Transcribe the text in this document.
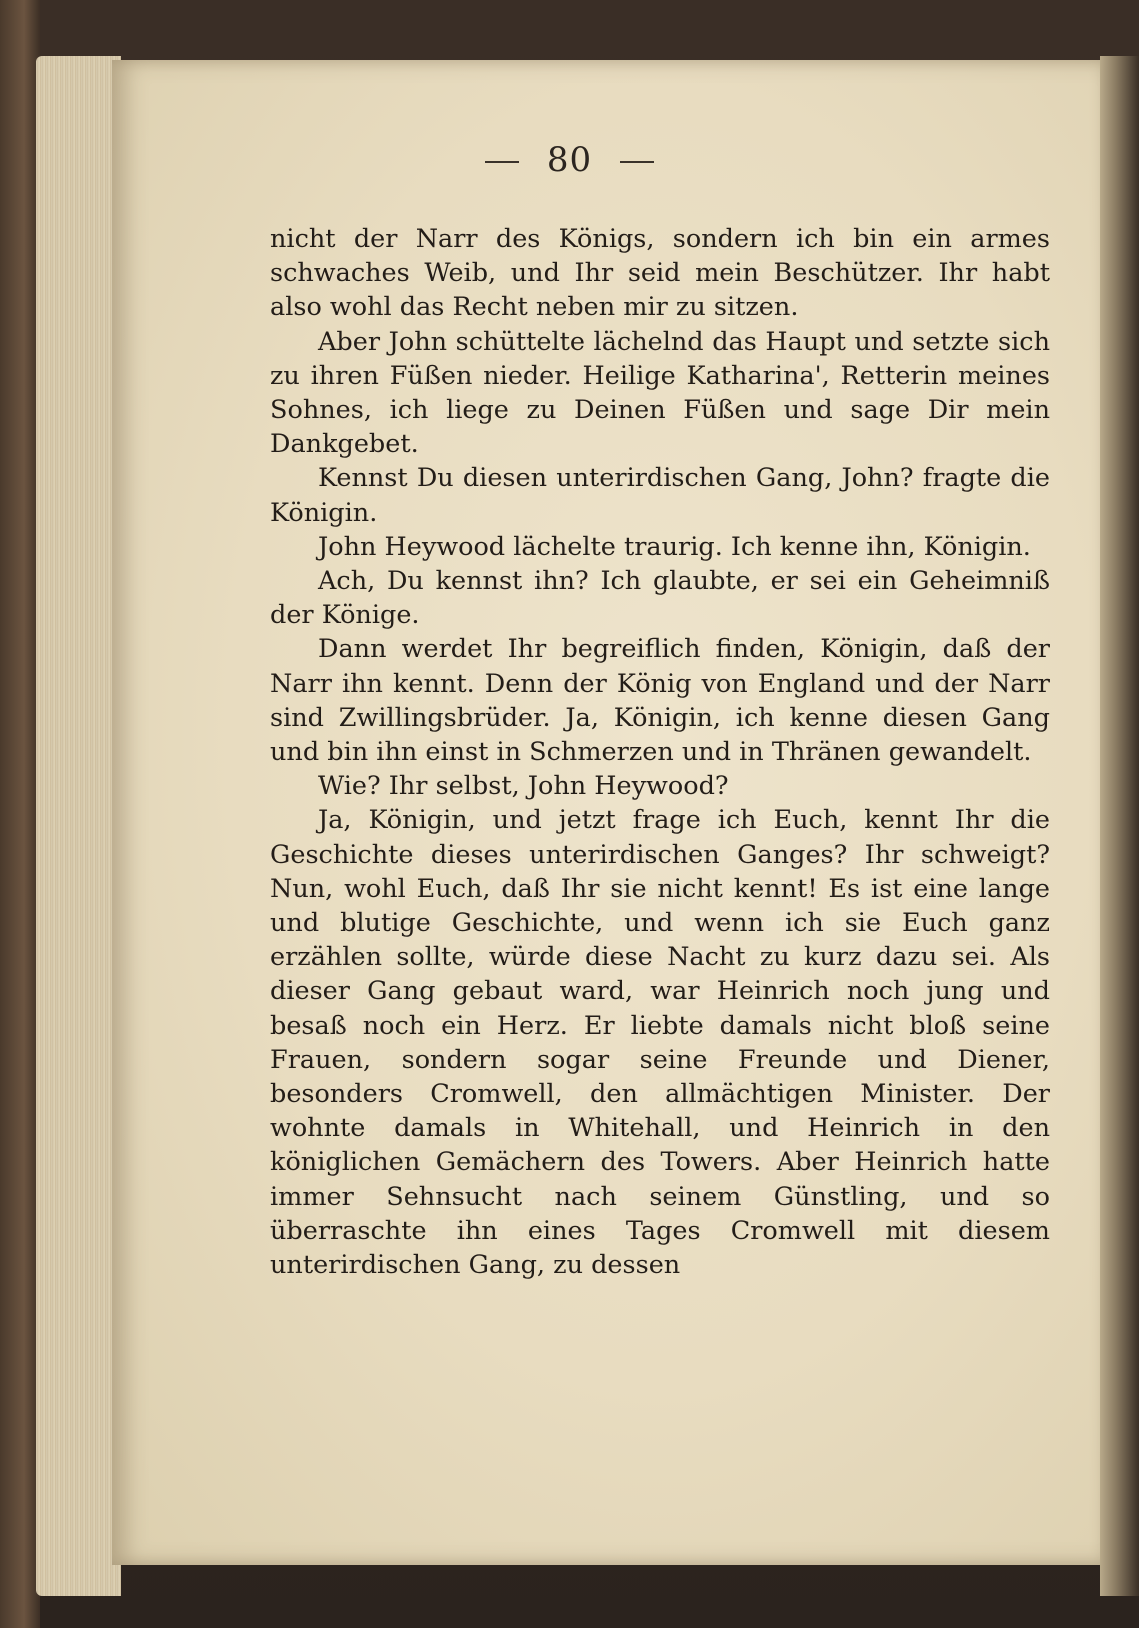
80

nicht der Narr des Königs, sondern ich bin ein armes schwaches Weib, und Ihr seid mein Beschützer. Ihr habt also wohl das Recht neben mir zu sitzen.

Aber John schüttelte lächelnd das Haupt und setzte sich zu ihren Füßen nieder. Heilige Katharina', Retterin meines Sohnes, ich liege zu Deinen Füßen und sage Dir mein Dankgebet.

Kennst Du diesen unterirdischen Gang, John? fragte die Königin.

John Heywood lächelte traurig. Ich kenne ihn, Königin.

Ach, Du kennst ihn? Ich glaubte, er sei ein Geheimniß der Könige.

Dann werdet Ihr begreiflich finden, Königin, daß der Narr ihn kennt. Denn der König von England und der Narr sind Zwillingsbrüder. Ja, Königin, ich kenne diesen Gang und bin ihn einst in Schmerzen und in Thränen gewandelt.

Wie? Ihr selbst, John Heywood?

Ja, Königin, und jetzt frage ich Euch, kennt Ihr die Geschichte dieses unterirdischen Ganges? Ihr schweigt? Nun, wohl Euch, daß Ihr sie nicht kennt! Es ist eine lange und blutige Geschichte, und wenn ich sie Euch ganz erzählen sollte, würde diese Nacht zu kurz dazu sei. Als dieser Gang gebaut ward, war Heinrich noch jung und besaß noch ein Herz. Er liebte damals nicht bloß seine Frauen, sondern sogar seine Freunde und Diener, besonders Cromwell, den allmächtigen Minister. Der wohnte damals in Whitehall, und Heinrich in den königlichen Gemächern des Towers. Aber Heinrich hatte immer Sehnsucht nach seinem Günstling, und so überraschte ihn eines Tages Cromwell mit diesem unterirdischen Gang, zu dessen
